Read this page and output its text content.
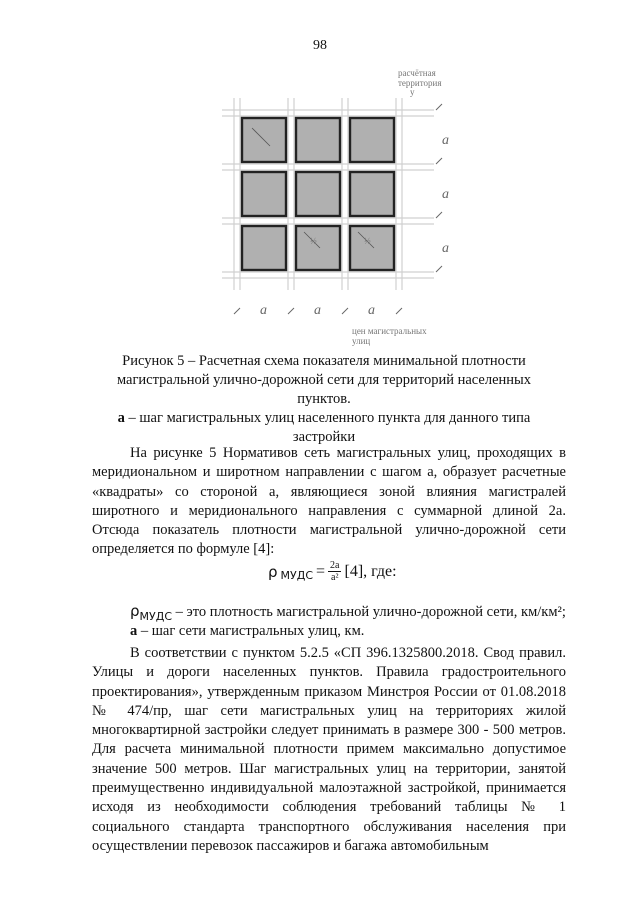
98
½	½
расчётная
территория
у
а
а
а
а	а	а
цен магистральных
улиц
Рисунок 5 – Расчетная схема показателя минимальной плотности
магистральной улично-дорожной сети для территорий населенных
пунктов.
а – шаг магистральных улиц населенного пункта для данного типа
застройки

На рисунке 5 Нормативов сеть магистральных улиц, проходящих в меридиональном и широтном направлении с шагом а, образует расчетные «квадраты» со стороной а, являющиеся зоной влияния магистралей широтного и меридионального направления с суммарной длиной 2а. Отсюда показатель плотности магистральной улично-дорожной сети определяется по формуле [4]:

ρ МУДС = $\frac{2а}{\text{а²}} [4]$, где:

$\rho_{МУДС}$ – это плотность магистральной улично-дорожной сети, км/км²;

а – шаг сети магистральных улиц, км.

В соответствии с пунктом 5.2.5 «СП 396.1325800.2018. Свод правил. Улицы и дороги населенных пунктов. Правила градостроительного проектирования», утвержденным приказом Минстроя России от 01.08.2018 № 474/пр, шаг сети магистральных улиц на территориях жилой многоквартирной застройки следует принимать в размере 300 - 500 метров. Для расчета минимальной плотности примем максимально допустимое значение 500 метров. Шаг магистральных улиц на территории, занятой преимущественно индивидуальной малоэтажной застройкой, принимается исходя из необходимости соблюдения требований таблицы № 1 социального стандарта транспортного обслуживания населения при осуществлении перевозок пассажиров и багажа автомобильным
